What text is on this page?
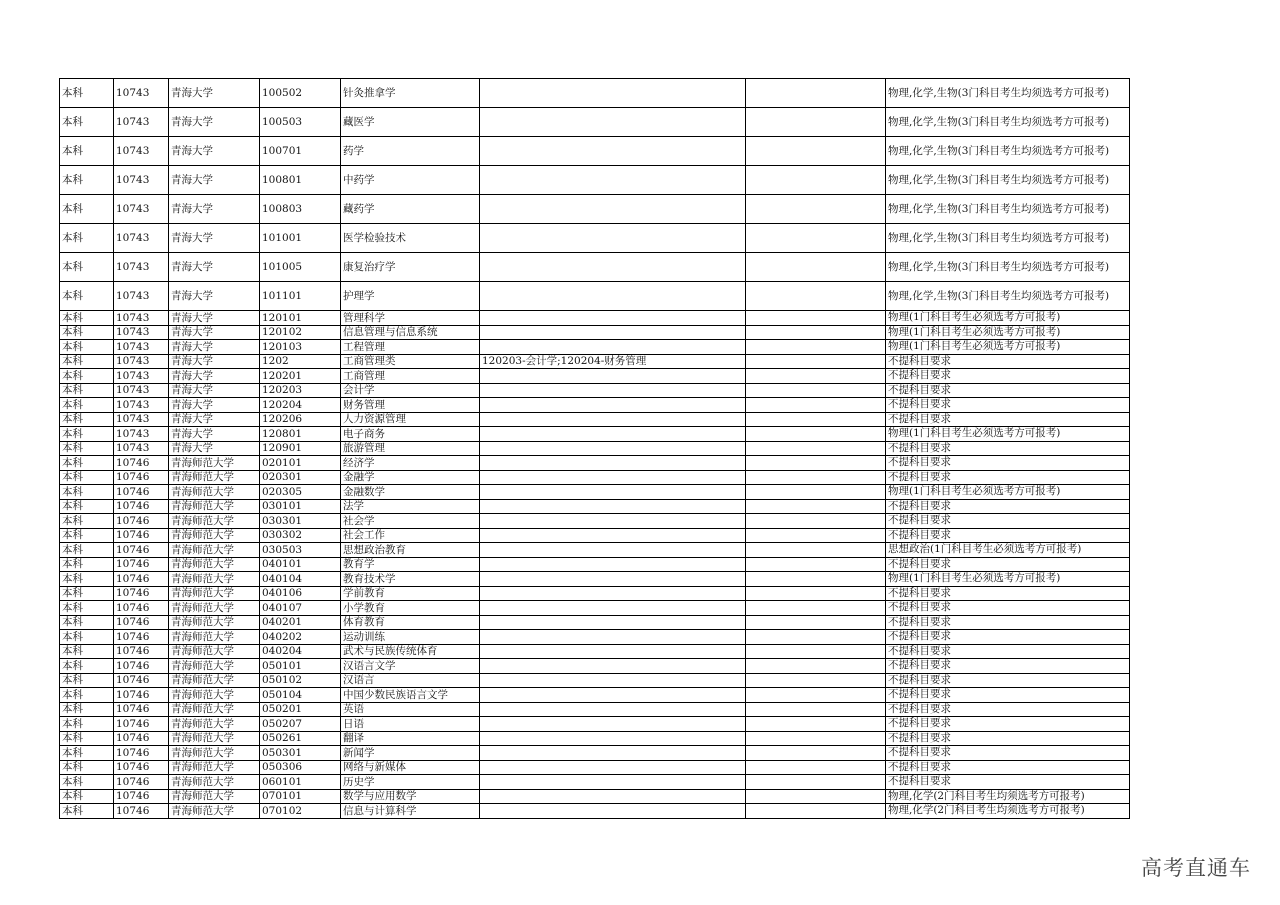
本科	10743	青海大学	100502	针灸推拿学			物理,化学,生物(3门科目考生均须选考方可报考)
本科	10743	青海大学	100503	藏医学			物理,化学,生物(3门科目考生均须选考方可报考)
本科	10743	青海大学	100701	药学			物理,化学,生物(3门科目考生均须选考方可报考)
本科	10743	青海大学	100801	中药学			物理,化学,生物(3门科目考生均须选考方可报考)
本科	10743	青海大学	100803	藏药学			物理,化学,生物(3门科目考生均须选考方可报考)
本科	10743	青海大学	101001	医学检验技术			物理,化学,生物(3门科目考生均须选考方可报考)
本科	10743	青海大学	101005	康复治疗学			物理,化学,生物(3门科目考生均须选考方可报考)
本科	10743	青海大学	101101	护理学			物理,化学,生物(3门科目考生均须选考方可报考)
本科	10743	青海大学	120101	管理科学			物理(1门科目考生必须选考方可报考)
本科	10743	青海大学	120102	信息管理与信息系统			物理(1门科目考生必须选考方可报考)
本科	10743	青海大学	120103	工程管理			物理(1门科目考生必须选考方可报考)
本科	10743	青海大学	1202	工商管理类	120203-会计学;120204-财务管理		不提科目要求
本科	10743	青海大学	120201	工商管理			不提科目要求
本科	10743	青海大学	120203	会计学			不提科目要求
本科	10743	青海大学	120204	财务管理			不提科目要求
本科	10743	青海大学	120206	人力资源管理			不提科目要求
本科	10743	青海大学	120801	电子商务			物理(1门科目考生必须选考方可报考)
本科	10743	青海大学	120901	旅游管理			不提科目要求
本科	10746	青海师范大学	020101	经济学			不提科目要求
本科	10746	青海师范大学	020301	金融学			不提科目要求
本科	10746	青海师范大学	020305	金融数学			物理(1门科目考生必须选考方可报考)
本科	10746	青海师范大学	030101	法学			不提科目要求
本科	10746	青海师范大学	030301	社会学			不提科目要求
本科	10746	青海师范大学	030302	社会工作			不提科目要求
本科	10746	青海师范大学	030503	思想政治教育			思想政治(1门科目考生必须选考方可报考)
本科	10746	青海师范大学	040101	教育学			不提科目要求
本科	10746	青海师范大学	040104	教育技术学			物理(1门科目考生必须选考方可报考)
本科	10746	青海师范大学	040106	学前教育			不提科目要求
本科	10746	青海师范大学	040107	小学教育			不提科目要求
本科	10746	青海师范大学	040201	体育教育			不提科目要求
本科	10746	青海师范大学	040202	运动训练			不提科目要求
本科	10746	青海师范大学	040204	武术与民族传统体育			不提科目要求
本科	10746	青海师范大学	050101	汉语言文学			不提科目要求
本科	10746	青海师范大学	050102	汉语言			不提科目要求
本科	10746	青海师范大学	050104	中国少数民族语言文学			不提科目要求
本科	10746	青海师范大学	050201	英语			不提科目要求
本科	10746	青海师范大学	050207	日语			不提科目要求
本科	10746	青海师范大学	050261	翻译			不提科目要求
本科	10746	青海师范大学	050301	新闻学			不提科目要求
本科	10746	青海师范大学	050306	网络与新媒体			不提科目要求
本科	10746	青海师范大学	060101	历史学			不提科目要求
本科	10746	青海师范大学	070101	数学与应用数学			物理,化学(2门科目考生均须选考方可报考)
本科	10746	青海师范大学	070102	信息与计算科学			物理,化学(2门科目考生均须选考方可报考)
高考直通车
